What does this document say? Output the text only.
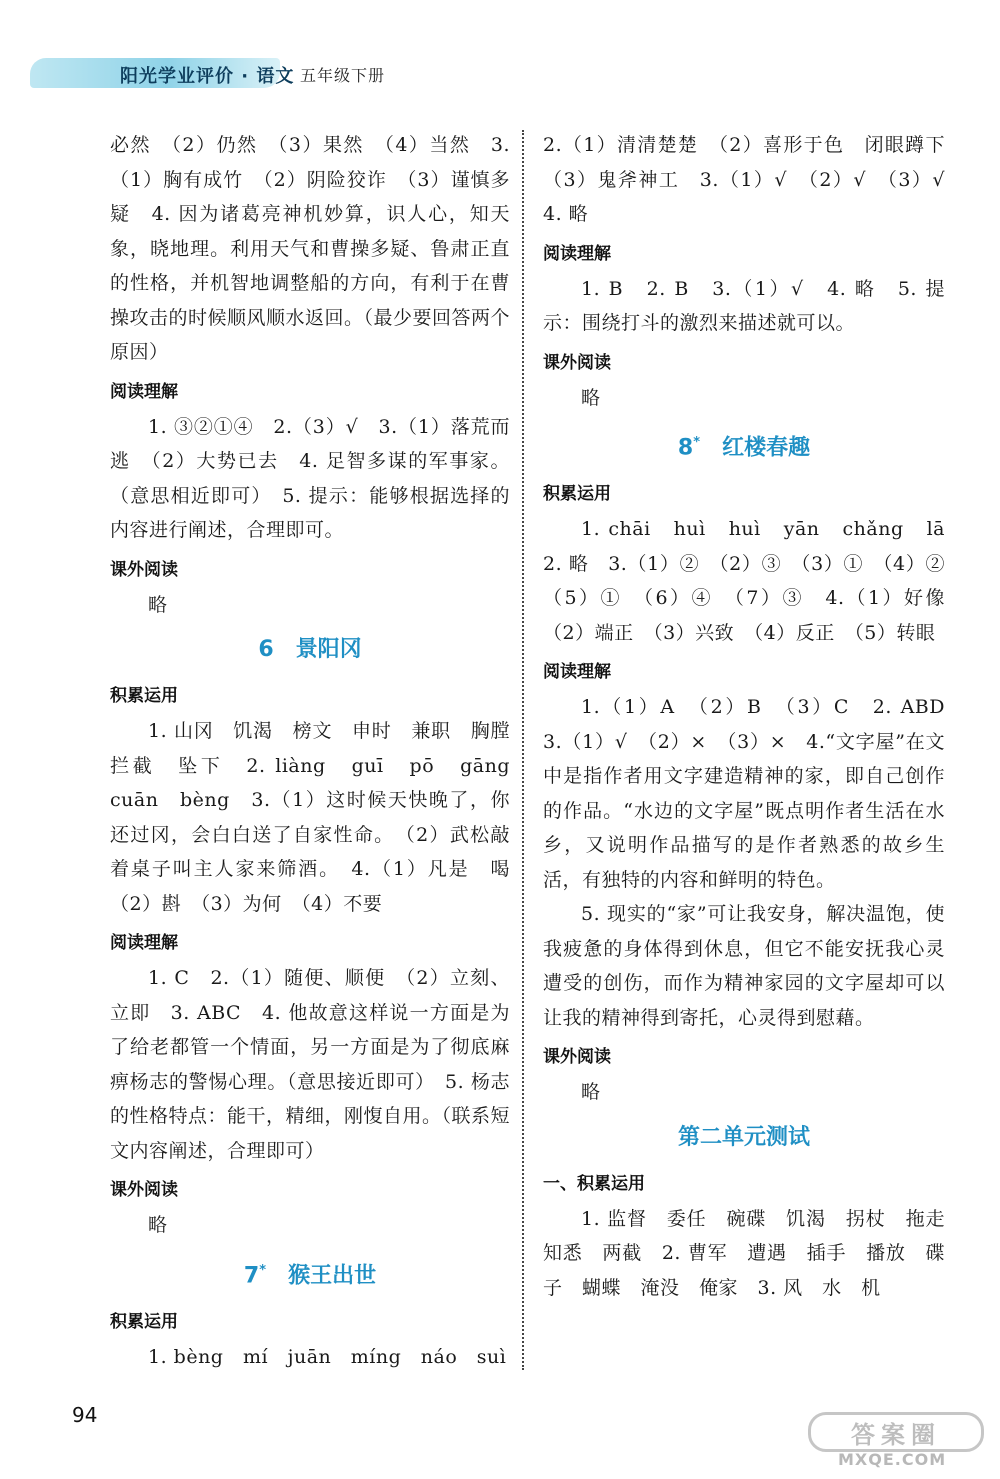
阳光学业评价 · 语文 五年级下册

必然　（2）仍然　（3）果然　（4）当然　3.（1）胸有成竹　（2）阴险狡诈　（3）谨慎多疑　4. 因为诸葛亮神机妙算，识人心，知天象，晓地理。利用天气和曹操多疑、鲁肃正直的性格，并机智地调整船的方向，有利于在曹操攻击的时候顺风顺水返回。（最少要回答两个原因）

阅读理解

1. ③②①④　2.（3）√　3.（1）落荒而逃　（2）大势已去　4. 足智多谋的军事家。（意思相近即可）　5. 提示：能够根据选择的内容进行阐述，合理即可。

课外阅读

略

6　景阳冈
积累运用

1. 山冈　饥渴　榜文　申时　兼职　胸膛　拦截　坠下　2. liàng　guī　pō　gāng　cuān　bèng　3.（1）这时候天快晚了，你还过冈，会白白送了自家性命。　（2）武松敲着桌子叫主人家来筛酒。　4.（1）凡是　喝　（2）斟　（3）为何　（4）不要

阅读理解

1. C　2.（1）随便、顺便　（2）立刻、立即　3. ABC　4. 他故意这样说一方面是为了给老都管一个情面，另一方面是为了彻底麻痹杨志的警惕心理。（意思接近即可）　5. 杨志的性格特点：能干，精细，刚愎自用。（联系短文内容阐述，合理即可）

课外阅读

略

7*　 猴王出世
积累运用

1. bèng　mí　juān　míng　náo　suì

2.（1）清清楚楚　（2）喜形于色　闭眼蹲下　（3）鬼斧神工　3.（1）√　（2）√　（3）√　4. 略

阅读理解

1. B　2. B　3.（1）√　4. 略　5. 提示：围绕打斗的激烈来描述就可以。

课外阅读

略

8*　 红楼春趣
积累运用

1. chāi　huì　huì　yān　chǎng　lā　2. 略　3.（1）②　（2）③　（3）①　（4）②　（5）①　（6）④　（7）③　4.（1）好像　（2）端正　（3）兴致　（4）反正　（5）转眼

阅读理解

1.（1）A　（2）B　（3）C　2. ABD　3.（1）√　（2）×　（3）×　4.“文字屋”在文中是指作者用文字建造精神的家，即自己创作的作品。“水边的文字屋”既点明作者生活在水乡，又说明作品描写的是作者熟悉的故乡生活，有独特的内容和鲜明的特色。

5. 现实的“家”可让我安身，解决温饱，使我疲惫的身体得到休息，但它不能安抚我心灵遭受的创伤，而作为精神家园的文字屋却可以让我的精神得到寄托，心灵得到慰藉。

课外阅读

略

第二单元测试
一、积累运用

1. 监督　委任　碗碟　饥渴　拐杖　拖走　知悉　两截　2. 曹军　遭遇　插手　播放　碟子　蝴蝶　淹没　俺家　3. 风　水　机

94
答案圈
MXQE.COM
